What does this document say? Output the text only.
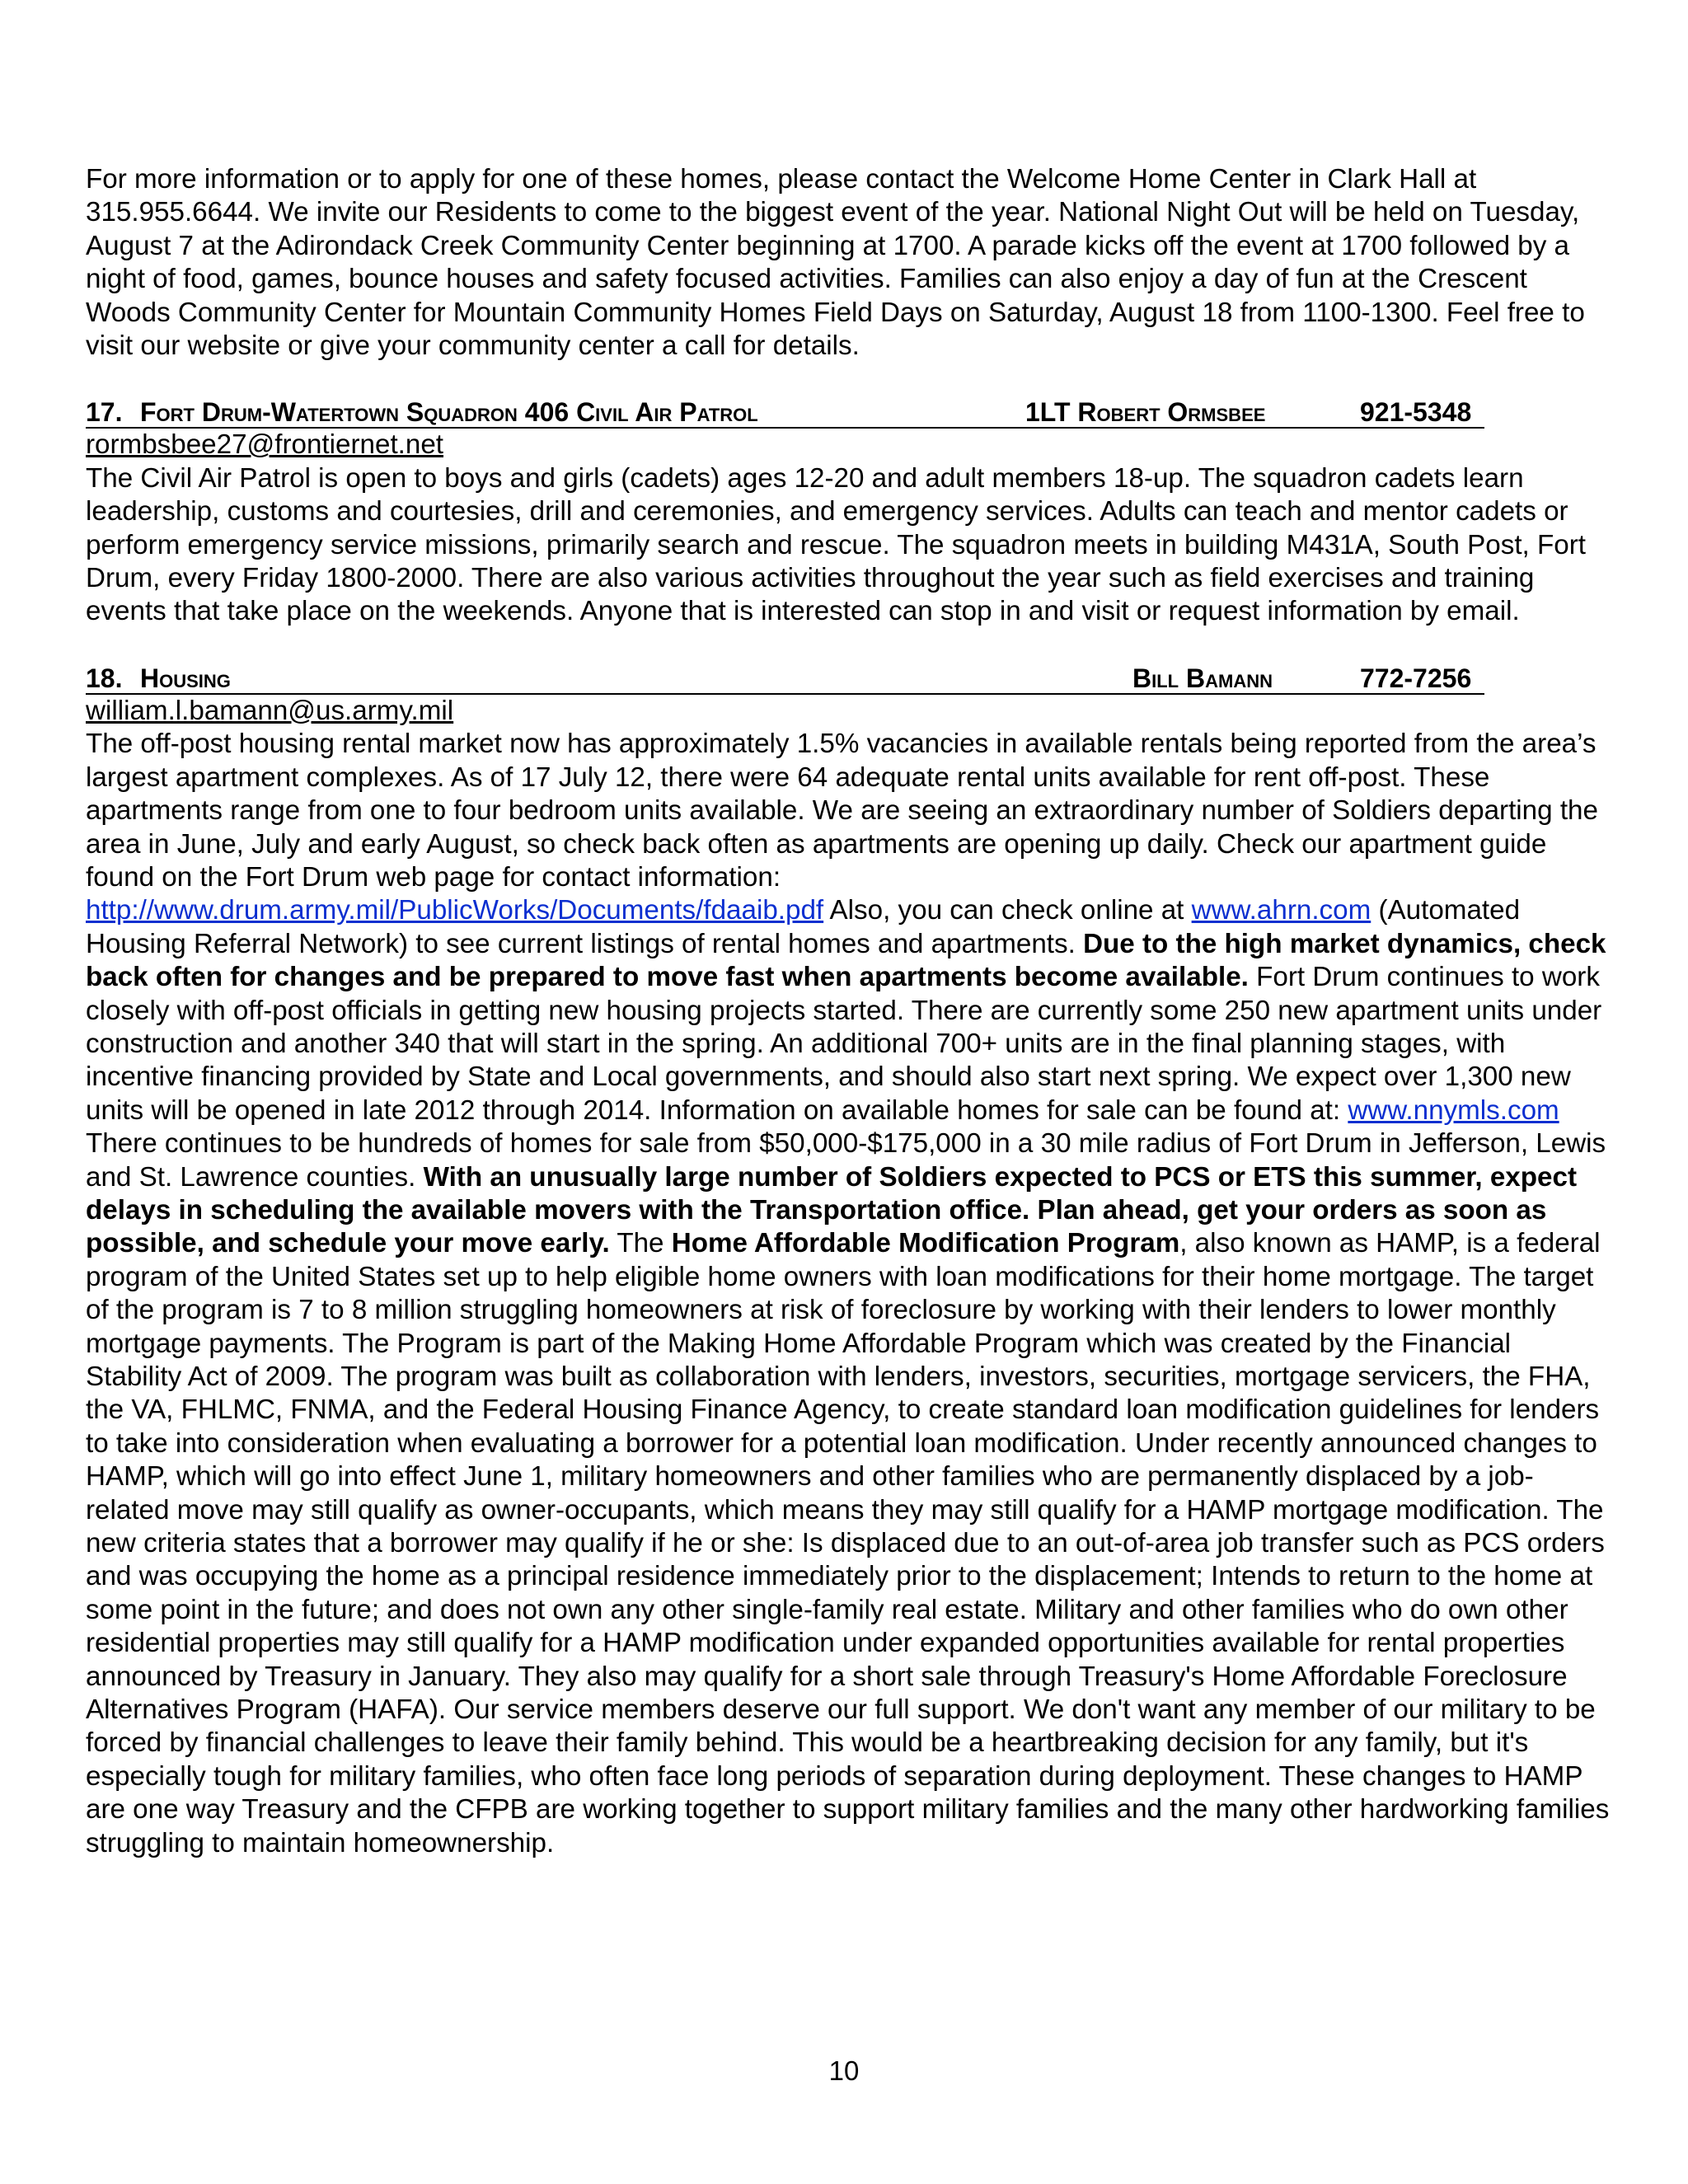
For more information or to apply for one of these homes, please contact the Welcome Home Center in Clark Hall at 315.955.6644. We invite our Residents to come to the biggest event of the year. National Night Out will be held on Tuesday, August 7 at the Adirondack Creek Community Center beginning at 1700. A parade kicks off the event at 1700 followed by a night of food, games, bounce houses and safety focused activities. Families can also enjoy a day of fun at the Crescent Woods Community Center for Mountain Community Homes Field Days on Saturday, August 18 from 1100-1300. Feel free to visit our website or give your community center a call for details.

17. Fort Drum-Watertown Squadron 406 Civil Air Patrol	1LT Robert Ormsbee	921-5348
rormbsbee27@frontiernet.net

The Civil Air Patrol is open to boys and girls (cadets) ages 12-20 and adult members 18-up. The squadron cadets learn leadership, customs and courtesies, drill and ceremonies, and emergency services. Adults can teach and mentor cadets or perform emergency service missions, primarily search and rescue. The squadron meets in building M431A, South Post, Fort Drum, every Friday 1800-2000. There are also various activities throughout the year such as field exercises and training events that take place on the weekends. Anyone that is interested can stop in and visit or request information by email.

18. Housing	Bill Bamann	772-7256
william.l.bamann@us.army.mil

The off-post housing rental market now has approximately 1.5% vacancies in available rentals being reported from the area’s largest apartment complexes. As of 17 July 12, there were 64 adequate rental units available for rent off-post. These apartments range from one to four bedroom units available. We are seeing an extraordinary number of Soldiers departing the area in June, July and early August, so check back often as apartments are opening up daily. Check our apartment guide found on the Fort Drum web page for contact information:
http://www.drum.army.mil/PublicWorks/Documents/fdaaib.pdf Also, you can check online at www.ahrn.com (Automated Housing Referral Network) to see current listings of rental homes and apartments. Due to the high market dynamics, check back often for changes and be prepared to move fast when apartments become available. Fort Drum continues to work closely with off-post officials in getting new housing projects started. There are currently some 250 new apartment units under construction and another 340 that will start in the spring. An additional 700+ units are in the final planning stages, with incentive financing provided by State and Local governments, and should also start next spring. We expect over 1,300 new units will be opened in late 2012 through 2014. Information on available homes for sale can be found at: www.nnymls.com There continues to be hundreds of homes for sale from $50,000-$175,000 in a 30 mile radius of Fort Drum in Jefferson, Lewis and St. Lawrence counties. With an unusually large number of Soldiers expected to PCS or ETS this summer, expect delays in scheduling the available movers with the Transportation office. Plan ahead, get your orders as soon as possible, and schedule your move early. The Home Affordable Modification Program, also known as HAMP, is a federal program of the United States set up to help eligible home owners with loan modifications for their home mortgage. The target of the program is 7 to 8 million struggling homeowners at risk of foreclosure by working with their lenders to lower monthly mortgage payments. The Program is part of the Making Home Affordable Program which was created by the Financial Stability Act of 2009. The program was built as collaboration with lenders, investors, securities, mortgage servicers, the FHA, the VA, FHLMC, FNMA, and the Federal Housing Finance Agency, to create standard loan modification guidelines for lenders to take into consideration when evaluating a borrower for a potential loan modification. Under recently announced changes to HAMP, which will go into effect June 1, military homeowners and other families who are permanently displaced by a job-related move may still qualify as owner-occupants, which means they may still qualify for a HAMP mortgage modification. The new criteria states that a borrower may qualify if he or she: Is displaced due to an out-of-area job transfer such as PCS orders and was occupying the home as a principal residence immediately prior to the displacement; Intends to return to the home at some point in the future; and does not own any other single-family real estate. Military and other families who do own other residential properties may still qualify for a HAMP modification under expanded opportunities available for rental properties announced by Treasury in January. They also may qualify for a short sale through Treasury's Home Affordable Foreclosure Alternatives Program (HAFA). Our service members deserve our full support. We don't want any member of our military to be forced by financial challenges to leave their family behind. This would be a heartbreaking decision for any family, but it's especially tough for military families, who often face long periods of separation during deployment. These changes to HAMP are one way Treasury and the CFPB are working together to support military families and the many other hardworking families struggling to maintain homeownership.

10
